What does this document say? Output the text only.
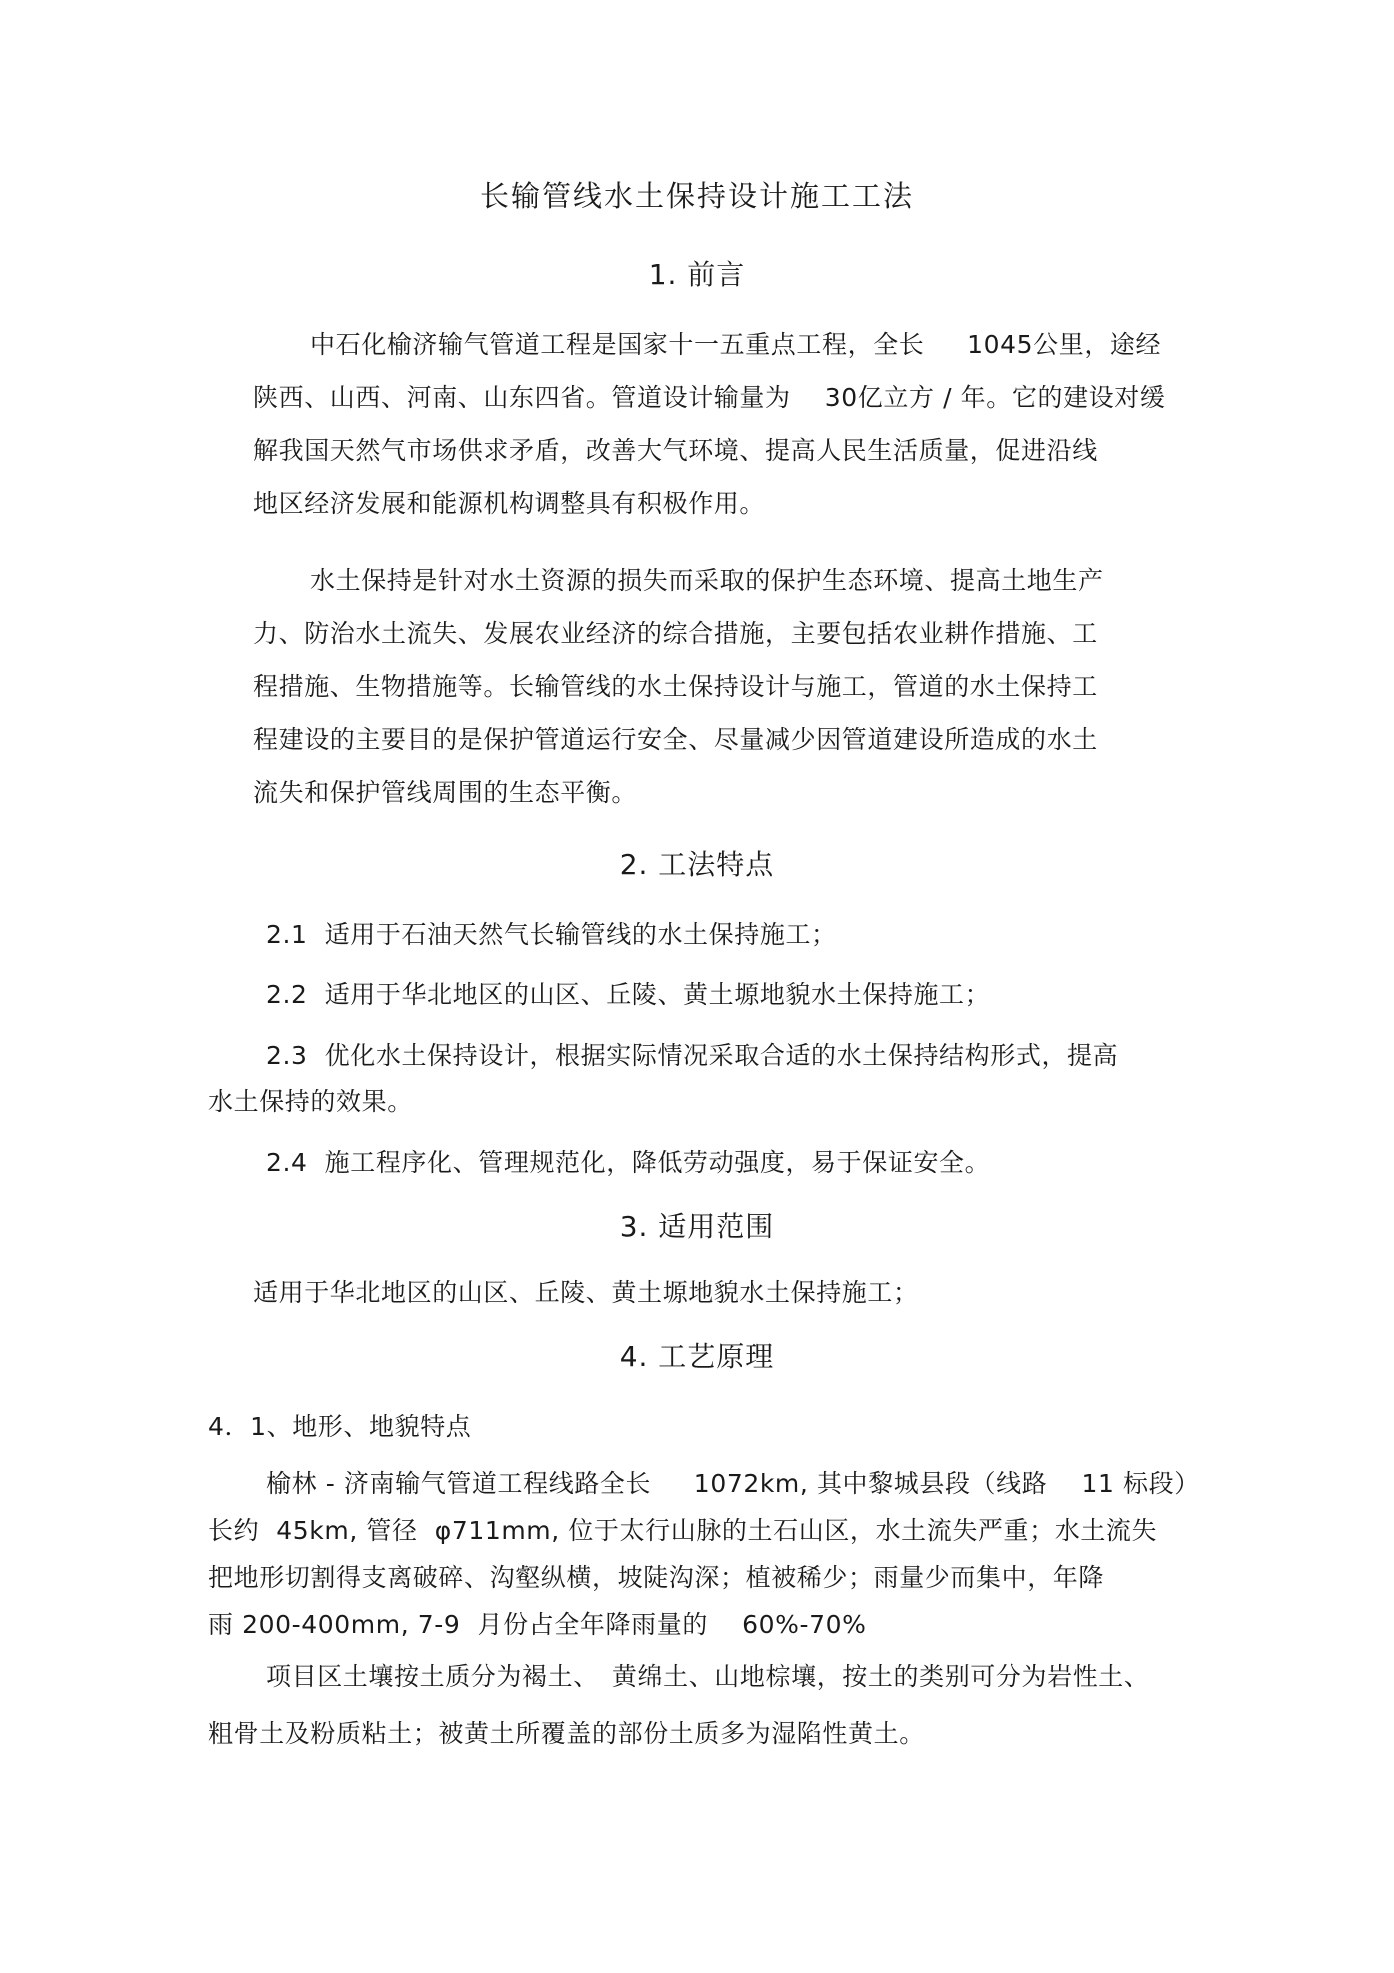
长输管线水土保持设计施工工法
1. 前言
中石化榆济输气管道工程是国家十一五重点工程，全长　  1045公里，途经
陕西、山西、河南、山东四省。管道设计输量为　 30亿立方 / 年。它的建设对缓
解我国天然气市场供求矛盾，改善大气环境、提高人民生活质量，促进沿线
地区经济发展和能源机构调整具有积极作用。
水土保持是针对水土资源的损失而采取的保护生态环境、提高土地生产
力、防治水土流失、发展农业经济的综合措施，主要包括农业耕作措施、工
程措施、生物措施等。长输管线的水土保持设计与施工，管道的水土保持工
程建设的主要目的是保护管道运行安全、尽量减少因管道建设所造成的水土
流失和保护管线周围的生态平衡。
2. 工法特点
2.1  适用于石油天然气长输管线的水土保持施工；
2.2  适用于华北地区的山区、丘陵、黄土塬地貌水土保持施工；
2.3  优化水土保持设计，根据实际情况采取合适的水土保持结构形式，提高
水土保持的效果。
2.4  施工程序化、管理规范化，降低劳动强度，易于保证安全。
3. 适用范围
适用于华北地区的山区、丘陵、黄土塬地貌水土保持施工；
4. 工艺原理
4．1、地形、地貌特点
榆林 - 济南输气管道工程线路全长　  1072km, 其中黎城县段（线路　 11 标段）
长约  45km, 管径  φ711mm, 位于太行山脉的土石山区，水土流失严重；水土流失
把地形切割得支离破碎、沟壑纵横，坡陡沟深；植被稀少；雨量少而集中，年降
雨 200-400mm, 7-9  月份占全年降雨量的　 60%-70%
项目区土壤按土质分为褐土、　黄绵土、山地棕壤，按土的类别可分为岩性土、
粗骨土及粉质粘土；被黄土所覆盖的部份土质多为湿陷性黄土。
